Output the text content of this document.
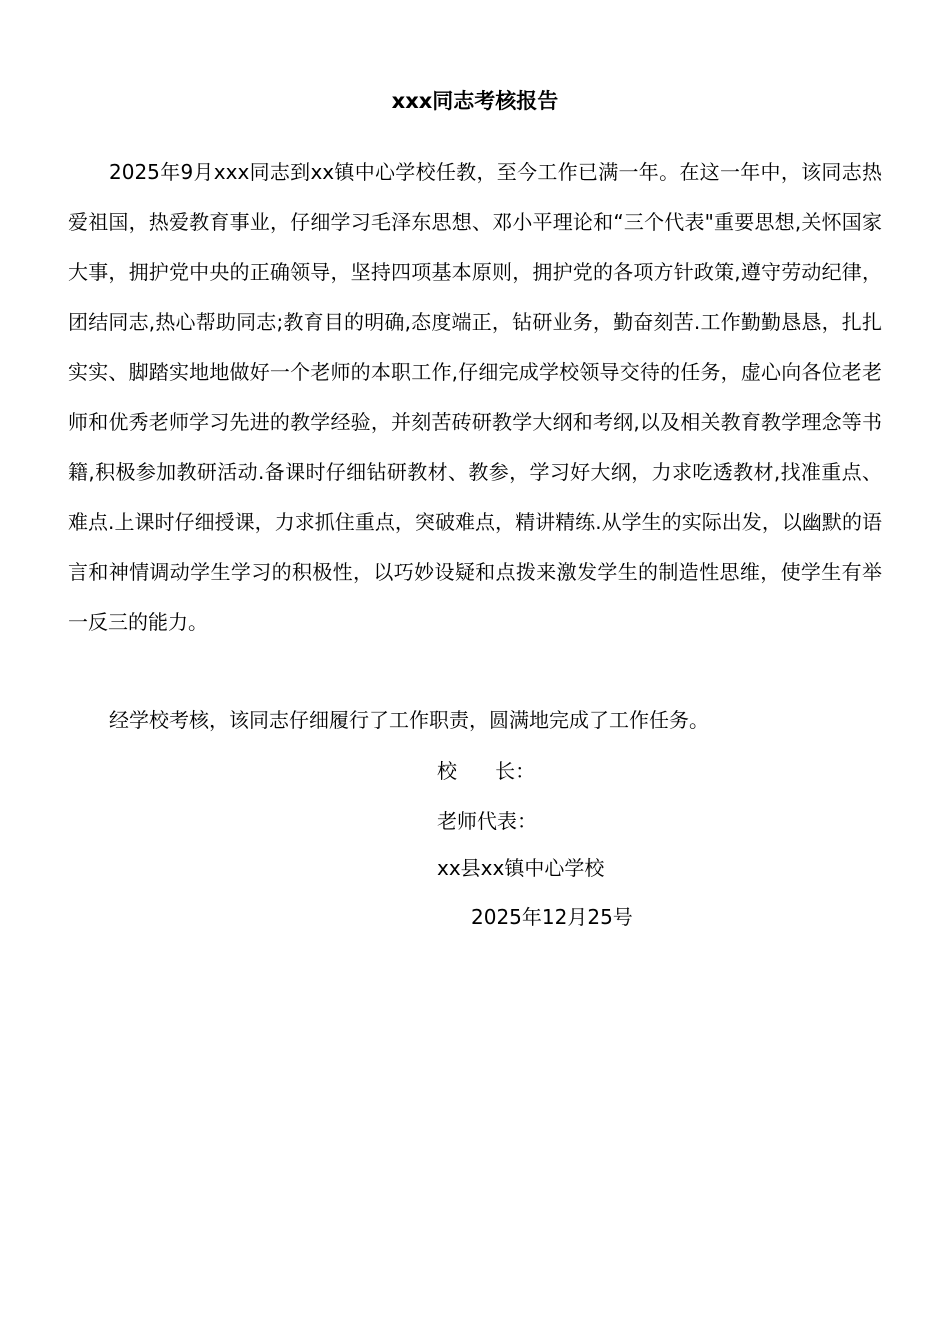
xxx同志考核报告

2025年9月xxx同志到xx镇中心学校任教，至今工作已满一年。在这一年中，该同志热爱祖国，热爱教育事业，仔细学习毛泽东思想、邓小平理论和“三个代表"重要思想,关怀国家大事，拥护党中央的正确领导，坚持四项基本原则，拥护党的各项方针政策,遵守劳动纪律，团结同志,热心帮助同志;教育目的明确,态度端正，钻研业务，勤奋刻苦.工作勤勤恳恳，扎扎实实、脚踏实地地做好一个老师的本职工作,仔细完成学校领导交待的任务，虚心向各位老老师和优秀老师学习先进的教学经验，并刻苦砖研教学大纲和考纲,以及相关教育教学理念等书籍,积极参加教研活动.备课时仔细钻研教材、教参，学习好大纲，力求吃透教材,找准重点、难点.上课时仔细授课，力求抓住重点，突破难点，精讲精练.从学生的实际出发，以幽默的语言和神情调动学生学习的积极性，以巧妙设疑和点拨来激发学生的制造性思维，使学生有举一反三的能力。

经学校考核，该同志仔细履行了工作职责，圆满地完成了工作任务。

校      长：

老师代表：

xx县xx镇中心学校

2025年12月25号
